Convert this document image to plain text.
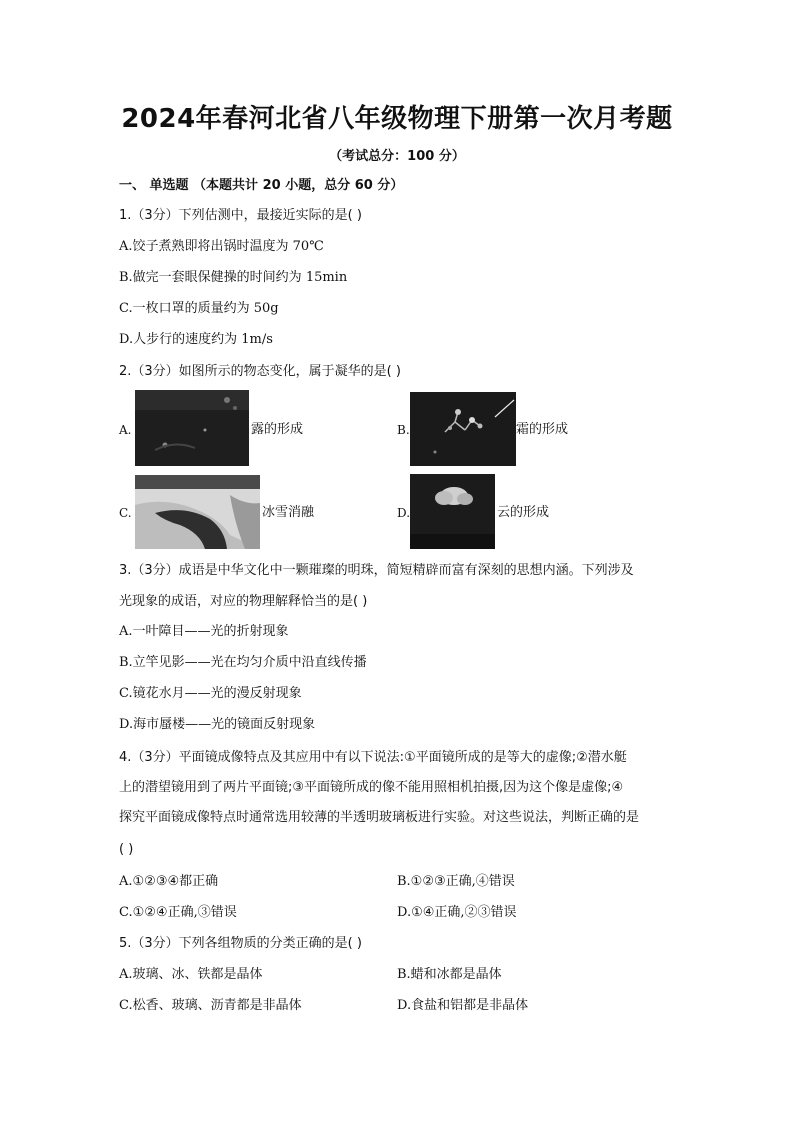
2024年春河北省八年级物理下册第一次月考题
（考试总分：100 分）
一、 单选题 （本题共计 20 小题，总分 60 分）
1.（3分）下列估测中，最接近实际的是( )
A.饺子煮熟即将出锅时温度为 70℃
B.做完一套眼保健操的时间约为 15min
C.一枚口罩的质量约为 50g
D.人步行的速度约为 1m/s
2.（3分）如图所示的物态变化，属于凝华的是( )
A.	露的形成	B.	霜的形成
C.	冰雪消融	D.	云的形成
3.（3分）成语是中华文化中一颗璀璨的明珠，简短精辟而富有深刻的思想内涵。下列涉及
光现象的成语，对应的物理解释恰当的是( )
A.一叶障目——光的折射现象
B.立竿见影——光在均匀介质中沿直线传播
C.镜花水月——光的漫反射现象
D.海市蜃楼——光的镜面反射现象
4.（3分）平面镜成像特点及其应用中有以下说法:①平面镜所成的是等大的虚像;②潜水艇
上的潜望镜用到了两片平面镜;③平面镜所成的像不能用照相机拍摄,因为这个像是虚像;④
探究平面镜成像特点时通常选用较薄的半透明玻璃板进行实验。对这些说法，判断正确的是
( )
A.①②③④都正确	B.①②③正确,④错误
C.①②④正确,③错误	D.①④正确,②③错误
5.（3分）下列各组物质的分类正确的是( )
A.玻璃、冰、铁都是晶体	B.蜡和冰都是晶体
C.松香、玻璃、沥青都是非晶体	D.食盐和铝都是非晶体
